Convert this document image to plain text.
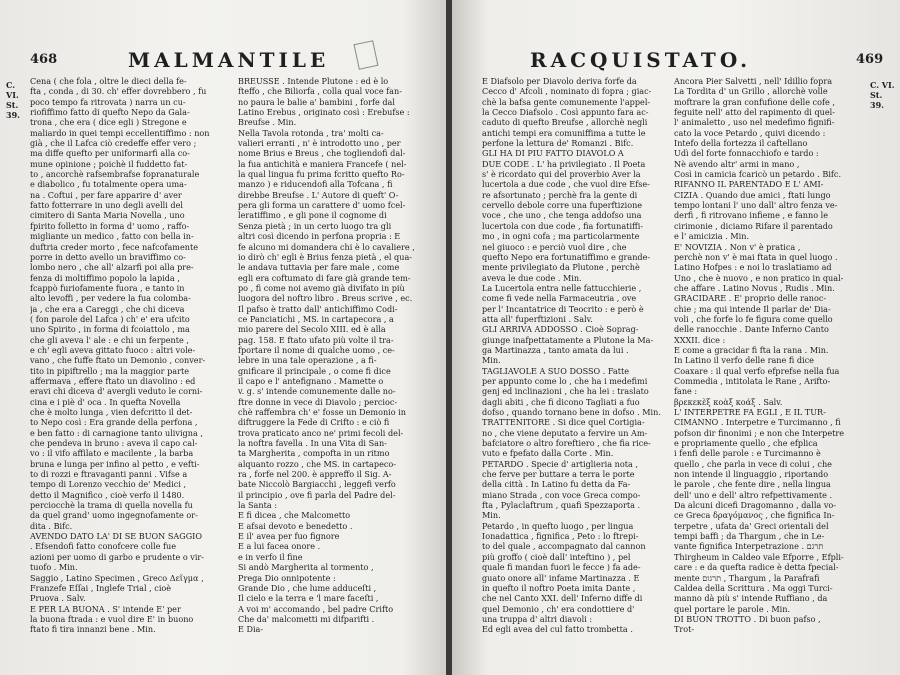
468	MALMANTILE
C. VI. St. 39.
Cena ( che fola , oltre le dieci della fe-
fta , conda , di 30. ch' effer dovrebbero , fu
poco tempo fa ritrovata ) narra un cu-
riofiffimo fatto di quefto Nepo da Gala-
trona , che era ( dice egli ) Stregone e
maliardo in quei tempi eccellentiffimo : non
già , che il Lafca ciò credeffe effer vero ;
ma diffe quefto per uniformarfi alla co-
mune opinione ; poichè il fuddetto fat-
to , ancorchè rafsembrafse fopranaturale
e diabolico , fu totalmente opera uma-
na . Coftui , per fare apparire d' aver
fatto fotterrare in uno degli avelli del
cimitero di Santa Maria Novella , uno
fpirito folletto in forma d' uomo , raffo-
migliante un medico , fatto con bella in-
duftria creder morto , fece nafcofamente
porre in detto avello un braviffimo co-
lombo nero , che all' alzarfi poi alla pre-
fenza di moltiffimo popolo la lapida ,
fcappò furiofamente fuora , e tanto in
alto levoffi , per vedere la fua colomba-
ja , che era a Careggi , che chi diceva
( fon parole del Lafca ) ch' e' era ufcito
uno Spirito , in forma di fcoiattolo , ma
che gli aveva l' ale : e chi un ferpente ,
e ch' egli aveva gittato fuoco : altri vole-
vano , che fuffe ftato un Demonio , conver-
tito in pipiftrello ; ma la maggior parte
affermava , effere ftato un diavolino : ed
eravi chi diceva d' avergli veduto le corni-
cina e i piè d' oca . In quefta Novella
che è molto lunga , vien defcritto il det-
to Nepo così : Era grande della perfona ,
e ben fatto : di carnagione tanto ulivigna ,
che pendeva in bruno : aveva il capo cal-
vo : il vifo affilato e macilente , la barba
bruna e lunga per infino al petto , e vefti-
to di rozzi e ftravaganti panni . Vifse a
tempo di Lorenzo vecchio de' Medici ,
detto il Magnifico , cioè verfo il 1480.
perciocchè la trama di quella novella fu
da quel grand' uomo ingegnofamente or-
dita . Bifc.
AVENDO DATO LA' DI SE BUON SAGGIO
. Efsendofi fatto conofcere colle fue
azioni per uomo di garbo e prudente o vir-
tuofo . Min.
Saggio , Latino Specimen , Greco Δεῖγμα ,
Franzefe Eſſai , Inglefe Trial , cioè
Pruova . Salv.
E PER LA BUONA . S' intende E' per
la buona ftrada : e vuol dire E' in buono
ftato fi tira innanzi bene . Min.
BREUSSE . Intende Plutone : ed è lo
fteffo , che Biliorfa , colla qual voce fan-
no paura le balie a' bambini , forfe dal
Latino Erebus , originato così : Erebufse :
Breufse . Min.
Nella Tavola rotonda , tra' molti ca-
valieri erranti , n' è introdotto uno , per
nome Brius e Breus , che togliendofi dal-
la fua antichità e maniera Francefe ( nel-
la qual lingua fu prima fcritto quefto Ro-
manzo ) e riducendofi alla Tofcana , fi
direbbe Breufse . L' Autore di queft' O-
pera gli forma un carattere d' uomo fcel-
leratiffimo , e gli pone il cognome di
Senza pietà ; in un certo luogo tra gli
altri così dicendo in perfona propria : E
fe alcuno mi domandera chi è lo cavaliere ,
io dirò ch' egli è Brius fenza pietà , el qua-
le andava tuttavia per fare male , come
egli era coftumato di fare già grande tem-
po , fi come noi avemo già divifato in più
luogora del noftro libro . Breus scrive , ec.
Il pafso è tratto dall' antichiffimo Codi-
ce Panciatichi , MS. in cartapecora , a
mio parere del Secolo XIII. ed è alla
pag. 158. E ftato ufato più volte il tra-
fportare il nome di qualche uomo , ce-
lebre in una tale operazione , a fi-
gnificare il principale , o come fi dice
il capo e l' antefignano . Mamette o
v. g. s' intende comunemente dalle no-
ftre donne in vece di Diavolo ; percioc-
chè raffembra ch' e' fosse un Demonio in
diftruggere la Fede di Crifto : e ciò fi
trova praticato anco ne' primi fecoli del-
la noftra favella . In una Vita di San-
ta Margherita , compofta in un ritmo
alquanto rozzo , che MS. in cartapeco-
ra , forfe nel 200. è appreffo il Sig. A-
bate Niccolò Bargiacchi , leggefi verfo
il principio , ove fi parla del Padre del-
la Santa :
E fi dicea , che Malcometto
E afsai devoto e benedetto .
E il' avea per fuo fignore
E a lui facea onore .
e in verfo il fine
Si andò Margherita al tormento ,
Prega Dio onnipotente :
Grande Dio , che lume adduceſti ,
Il cielo e la terra e 'l mare faceſti ,
A voi m' accomando , bel padre Crifto
Che da' malcometti mi difparifti .
E Dia-
RACQUISTATO.	469
C. VI. St. 39.
E Diafsolo per Diavolo deriva forfe da
Cecco d' Afcoli , nominato di fopra ; giac-
chè la bafsa gente comunemente l'appel-
la Cecco Diafsolo . Così appunto fara ac-
caduto di quefto Breufse , allorchè negli
antichi tempi era comuniffima a tutte le
perfone la lettura de' Romanzi . Bifc.
GLI HA DI PIU FATTO DIAVOLO A
DUE CODE . L' ha privilegiato . Il Poeta
s' è ricordato qui del proverbio Aver la
lucertola a due code , che vuol dire Efse-
re afsortunato ; perchè fra la gente di
cervello debole corre una fuperftizione
voce , che uno , che tenga addofso una
lucertola con due code , fia fortunatiffi-
mo , in ogni cofa ; ma particolarmente
nel giuoco : e perciò vuol dire , che
quefto Nepo era fortunatiffimo e grande-
mente privilegiato da Plutone , perchè
aveva le due code . Min.
La Lucertola entra nelle fattucchierie ,
come fi vede nella Farmaceutria , ove
per l' Incantatrice di Teocrito : e però è
atta all' fuperftizioni . Salv.
GLI ARRIVA ADDOSSO . Cioè Soprag-
giunge inafpettatamente a Plutone la Ma-
ga Martinazza , tanto amata da lui .
Min.
TAGLIAVOLE A SUO DOSSO . Fatte
per appunto come lo , che ha i medefimi
genj ed inclinazioni , che ha lei : traslato
dagli abiti , che fi dicono Tagliati a fuo
dofso , quando tornano bene in dofso . Min.
TRATTENITORE . Si dice quel Cortigia-
no , che viene deputato a fervire un Am-
bafciatore o altro foreftiero , che fia rice-
vuto e fpefato dalla Corte . Min.
PETARDO . Specie d' artiglieria nota ,
che ferve per buttare a terra le porte
della città . In Latino fu detta da Fa-
miano Strada , con voce Greca compo-
fta , Pylaclaftrum , quafi Spezzaporta .
Min.
Petardo , in quefto luogo , per lingua
Ionadattica , fignifica , Peto : lo ftrepi-
to del quale , accompagnato dal cannon
più groffo ( cioè dall' inteftino ) , pel
quale fi mandan fuori le fecce ) fa ade-
guato onore all' infame Martinazza . E
in quefto il noftro Poeta imita Dante ,
che nel Canto XXI. dell' Inferno diffe di
quel Demonio , ch' era condottiere d'
una truppa d' altri diavoli :
Ed egli avea del cul fatto trombetta .
Ancora Pier Salvetti , nell' Idillio fopra
La Tordita d' un Grillo , allorchè volle
moftrare la gran confufione delle cofe ,
feguite nell' atto del rapimento di quel-
l' animaletto , uso nel medefimo fignifi-
cato la voce Petardo , quivi dicendo :
Intefo della fortezza il caftellano
Udì del forte fonnacchiofo e tardo :
Nè avendo altr' armi in mano ,
Così in camicia fcaricò un petardo . Bifc.
RIFANNO IL PARENTADO E L' AMI-
CIZIA . Quando due amici , ftati lungo
tempo lontani l' uno dall' altro fenza ve-
derfi , fi ritrovano infieme , e fanno le
cirimonie , diciamo Rifare il parentado
e l' amicizia . Min.
E' NOVIZIA . Non v' è pratica ,
perchè non v' è mai ftata in quel luogo .
Latino Hofpes : e noi lo traslatiamo ad
Uno , che è nuovo , e non pratico in qual-
che affare . Latino Novus , Rudis . Min.
GRACIDARE . E' proprio delle ranoc-
chie ; ma qui intende Il parlar de' Dia-
voli , che forfe lo fe figura come quello
delle ranocchie . Dante Inferno Canto
XXXII. dice :
E come a gracidar fi fta la rana . Min.
In Latino il verfo delle rane fi dice
Coaxare : il qual verfo efprefse nella fua
Commedia , intitolata le Rane , Arifto-
fane :
βρεκεκὲξ κοὰξ κοάξ . Salv.
L' INTERPETRE FA EGLI , E IL TUR-
CIMANNO . Interpetre e Turcimanno , fi
pofson dir finonimi ; e non che Interpetre
e propriamente quello , che efplica
i fenfi delle parole : e Turcimanno è
quello , che parla in vece di colui , che
non intende il linguaggio , riportando
le parole , che fente dire , nella lingua
dell' uno e dell' altro refpettivamente .
Da alcuni dicefi Dragomanno , dalla vo-
ce Greca δραγόμανος , che fignifica In-
terpetre , ufata da' Greci orientali del
tempi baffi ; da Thargum , che in Le-
vante fignifica Interpetrazione . תרגם
Thirgheum in Caldeo vale Efporre , Efpli-
care : e da quefta radice è detta fpecial-
mente תרגום , Thargum , la Parafrafi
Caldea della Scrittura . Ma oggi Turci-
manno dà più s' intende Ruffiano , da
quel portare le parole . Min.
DI BUON TROTTO . Di buon pafso ,
Trot-
